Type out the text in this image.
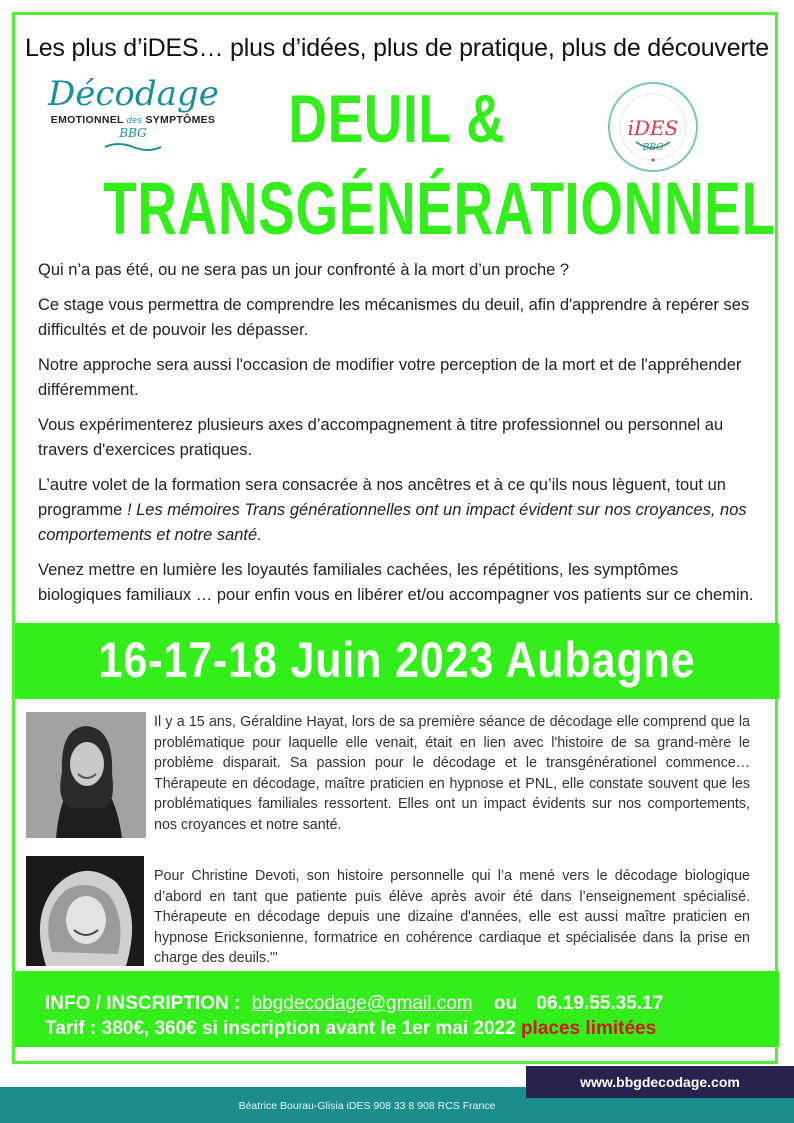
Les plus d’iDES… plus d’idées, plus de pratique, plus de découverte
Décodage
EMOTIONNEL des SYMPTÔMES
BBG	iDES
BBG
DEUIL &
TRANSGÉNÉRATIONNEL

Qui n’a pas été, ou ne sera pas un jour confronté à la mort d’un proche ?

Ce stage vous permettra de comprendre les mécanismes du deuil, afin d'apprendre à repérer ses difficultés et de pouvoir les dépasser.

Notre approche sera aussi l'occasion de modifier votre perception de la mort et de l'appréhender différemment.

Vous expérimenterez plusieurs axes d’accompagnement à titre professionnel ou personnel au travers d'exercices pratiques.

L’autre volet de la formation sera consacrée à nos ancêtres et à ce qu’ils nous lèguent, tout un programme ! Les mémoires Trans générationnelles ont un impact évident sur nos croyances, nos comportements et notre santé.

Venez mettre en lumière les loyautés familiales cachées, les répétitions, les symptômes biologiques familiaux … pour enfin vous en libérer et/ou accompagner vos patients sur ce chemin.

16-17-18 Juin 2023 Aubagne
Il y a 15 ans, Géraldine Hayat, lors de sa première séance de décodage elle comprend que la problématique pour laquelle elle venait, était en lien avec l'histoire de sa grand-mère le problème disparait. Sa passion pour le décodage et le transgénérationel commence… Thérapeute en décodage, maître praticien en hypnose et PNL, elle constate souvent que les problématiques familiales ressortent. Elles ont un impact évidents sur nos comportements, nos croyances et notre santé.
Pour Christine Devoti, son histoire personnelle qui l’a mené vers le décodage biologique d’abord en tant que patiente puis élève après avoir été dans l’enseignement spécialisé. Thérapeute en décodage depuis une dizaine d'années, elle est aussi maître praticien en hypnose Ericksonienne, formatrice en cohérence cardiaque et spécialisée dans la prise en charge des deuils."'
INFO / INSCRIPTION : bbgdecodage@gmail.com ou 06.19.55.35.17
Tarif : 380€, 360€ si inscription avant le 1er mai 2022 places limitées
Béatrice Bourau-Glisia iDES 908 33 8 908 RCS France
www.bbgdecodage.com
